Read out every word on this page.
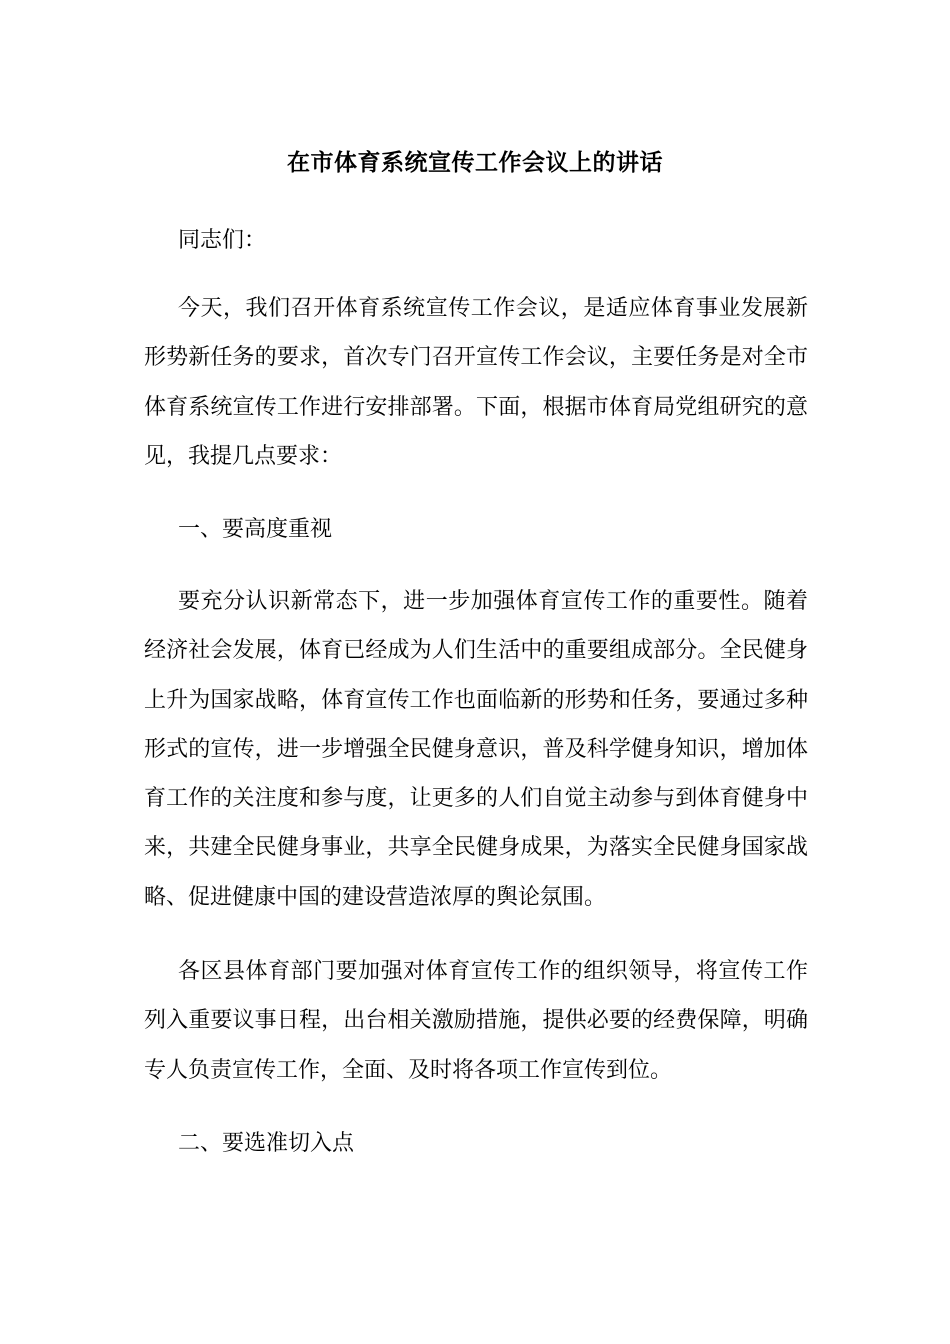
在市体育系统宣传工作会议上的讲话

同志们：

今天，我们召开体育系统宣传工作会议，是适应体育事业发展新形势新任务的要求，首次专门召开宣传工作会议，主要任务是对全市体育系统宣传工作进行安排部署。下面，根据市体育局党组研究的意见，我提几点要求：

一、要高度重视

要充分认识新常态下，进一步加强体育宣传工作的重要性。随着经济社会发展，体育已经成为人们生活中的重要组成部分。全民健身上升为国家战略，体育宣传工作也面临新的形势和任务，要通过多种形式的宣传，进一步增强全民健身意识，普及科学健身知识，增加体育工作的关注度和参与度，让更多的人们自觉主动参与到体育健身中来，共建全民健身事业，共享全民健身成果，为落实全民健身国家战略、促进健康中国的建设营造浓厚的舆论氛围。

各区县体育部门要加强对体育宣传工作的组织领导，将宣传工作列入重要议事日程，出台相关激励措施，提供必要的经费保障，明确专人负责宣传工作，全面、及时将各项工作宣传到位。

二、要选准切入点
